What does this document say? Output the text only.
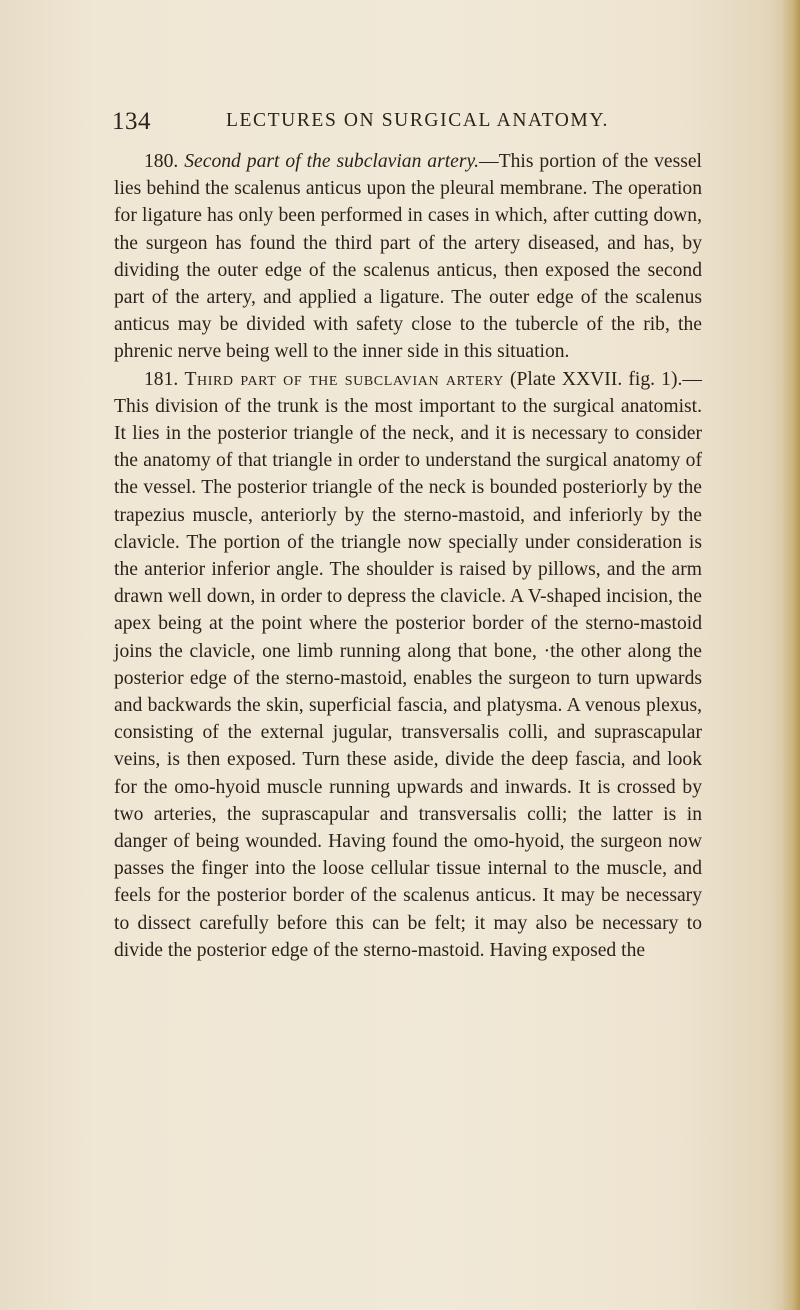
134	LECTURES ON SURGICAL ANATOMY.

180. Second part of the subclavian artery.—This portion of the vessel lies behind the scalenus anticus upon the pleural membrane. The operation for ligature has only been performed in cases in which, after cutting down, the surgeon has found the third part of the artery diseased, and has, by dividing the outer edge of the scalenus anticus, then exposed the second part of the artery, and applied a ligature. The outer edge of the scalenus anticus may be divided with safety close to the tubercle of the rib, the phrenic nerve being well to the inner side in this situation.

181. Third part of the subclavian artery (Plate XXVII. fig. 1).—This division of the trunk is the most important to the surgical anatomist. It lies in the posterior triangle of the neck, and it is necessary to consider the anatomy of that triangle in order to understand the surgical anatomy of the vessel. The posterior triangle of the neck is bounded posteriorly by the trapezius muscle, anteriorly by the sterno-mastoid, and inferiorly by the clavicle. The portion of the triangle now specially under consideration is the anterior inferior angle. The shoulder is raised by pillows, and the arm drawn well down, in order to depress the clavicle. A V-shaped incision, the apex being at the point where the posterior border of the sterno-mastoid joins the clavicle, one limb running along that bone, ·the other along the posterior edge of the sterno-mastoid, enables the surgeon to turn upwards and backwards the skin, superficial fascia, and platysma. A venous plexus, consisting of the external jugular, transversalis colli, and suprascapular veins, is then exposed. Turn these aside, divide the deep fascia, and look for the omo-hyoid muscle running upwards and inwards. It is crossed by two arteries, the suprascapular and transversalis colli; the latter is in danger of being wounded. Having found the omo-hyoid, the surgeon now passes the finger into the loose cellular tissue internal to the muscle, and feels for the posterior border of the scalenus anticus. It may be necessary to dissect carefully before this can be felt; it may also be necessary to divide the posterior edge of the sterno-mastoid. Having exposed the
